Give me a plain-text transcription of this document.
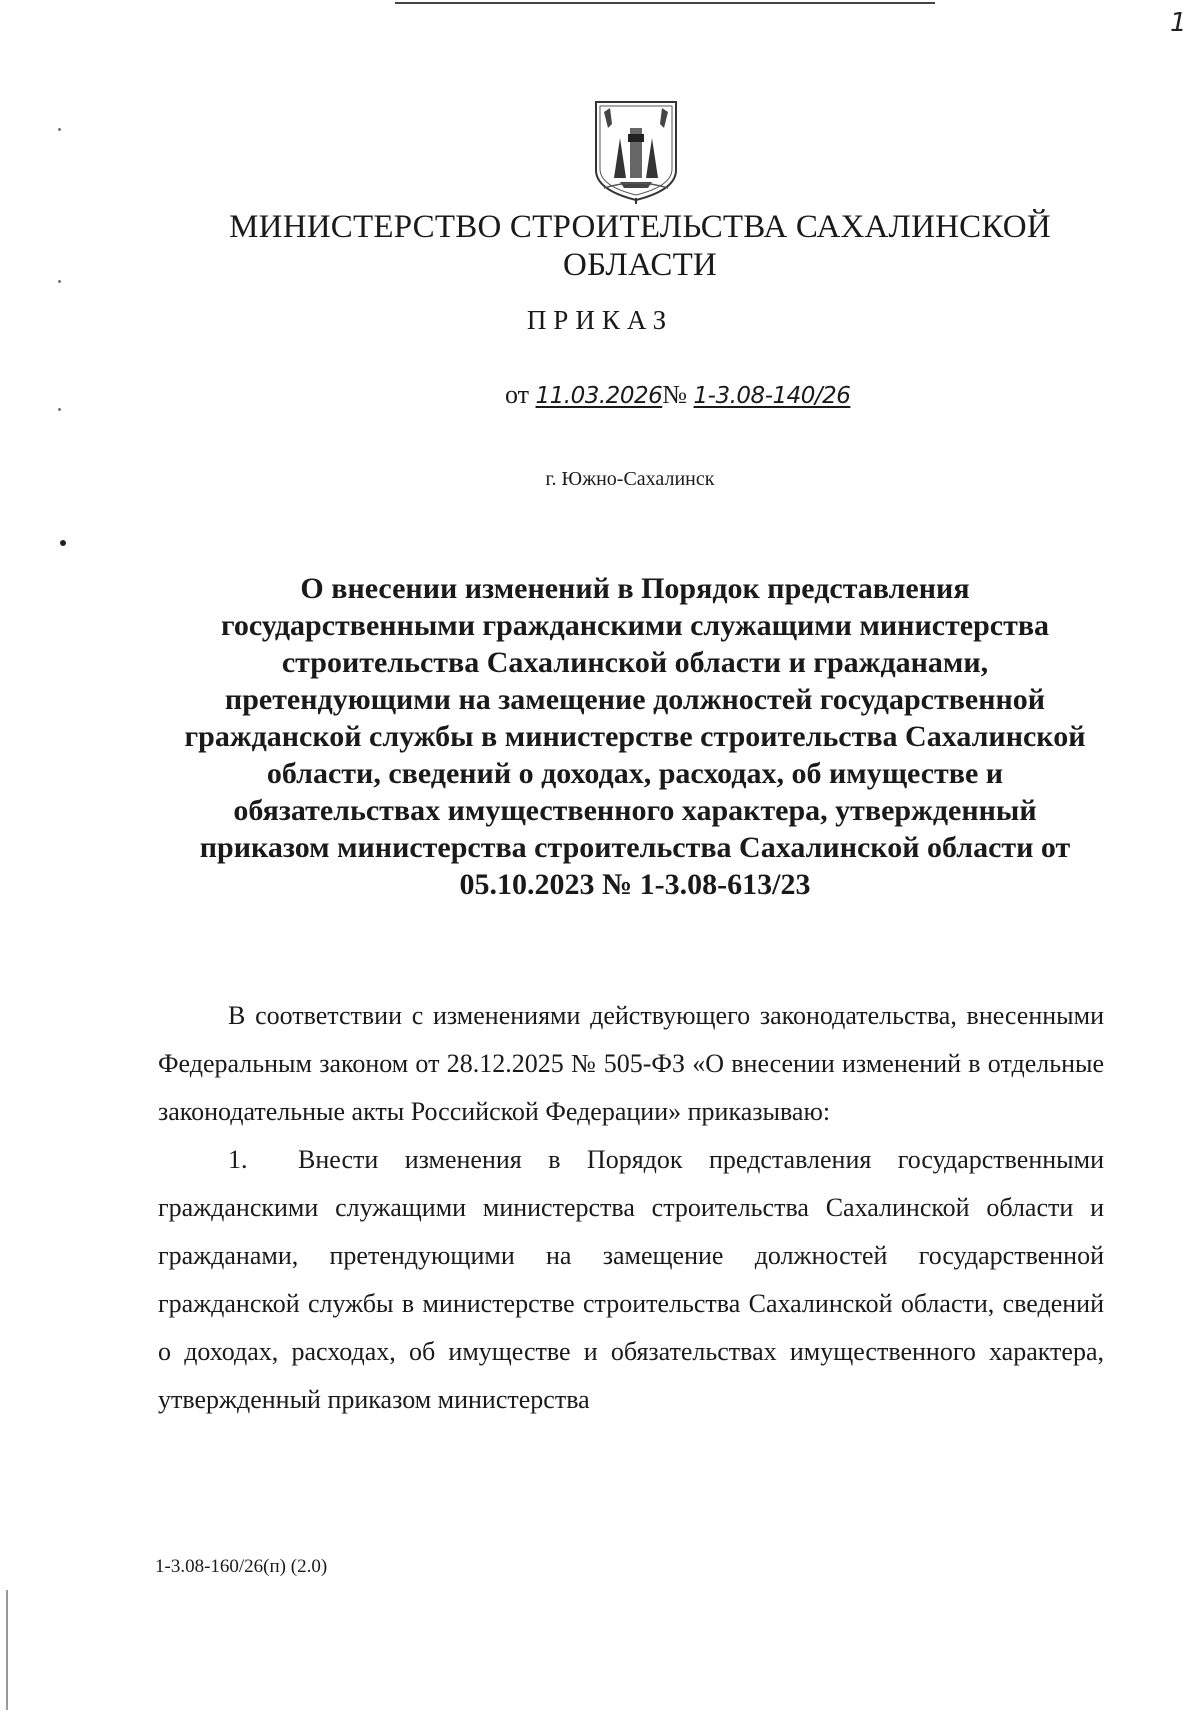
1
МИНИСТЕРСТВО СТРОИТЕЛЬСТВА САХАЛИНСКОЙ
ОБЛАСТИ
ПРИКАЗ
от 11.03.2026№ 1-3.08-140/26
г. Южно-Сахалинск
О внесении изменений в Порядок представления государственными гражданскими служащими министерства строительства Сахалинской области и гражданами, претендующими на замещение должностей государственной гражданской службы в министерстве строительства Сахалинской области, сведений о доходах, расходах, об имуществе и обязательствах имущественного характера, утвержденный приказом министерства строительства Сахалинской области от 05.10.2023 № 1-3.08-613/23

В соответствии с изменениями действующего законодательства, внесенными Федеральным законом от 28.12.2025 № 505-ФЗ «О внесении изменений в отдельные законодательные акты Российской Федерации» приказываю:

1. Внести изменения в Порядок представления государственными гражданскими служащими министерства строительства Сахалинской области и гражданами, претендующими на замещение должностей государственной гражданской службы в министерстве строительства Сахалинской области, сведений о доходах, расходах, об имуществе и обязательствах имущественного характера, утвержденный приказом министерства

1-3.08-160/26(п) (2.0)
